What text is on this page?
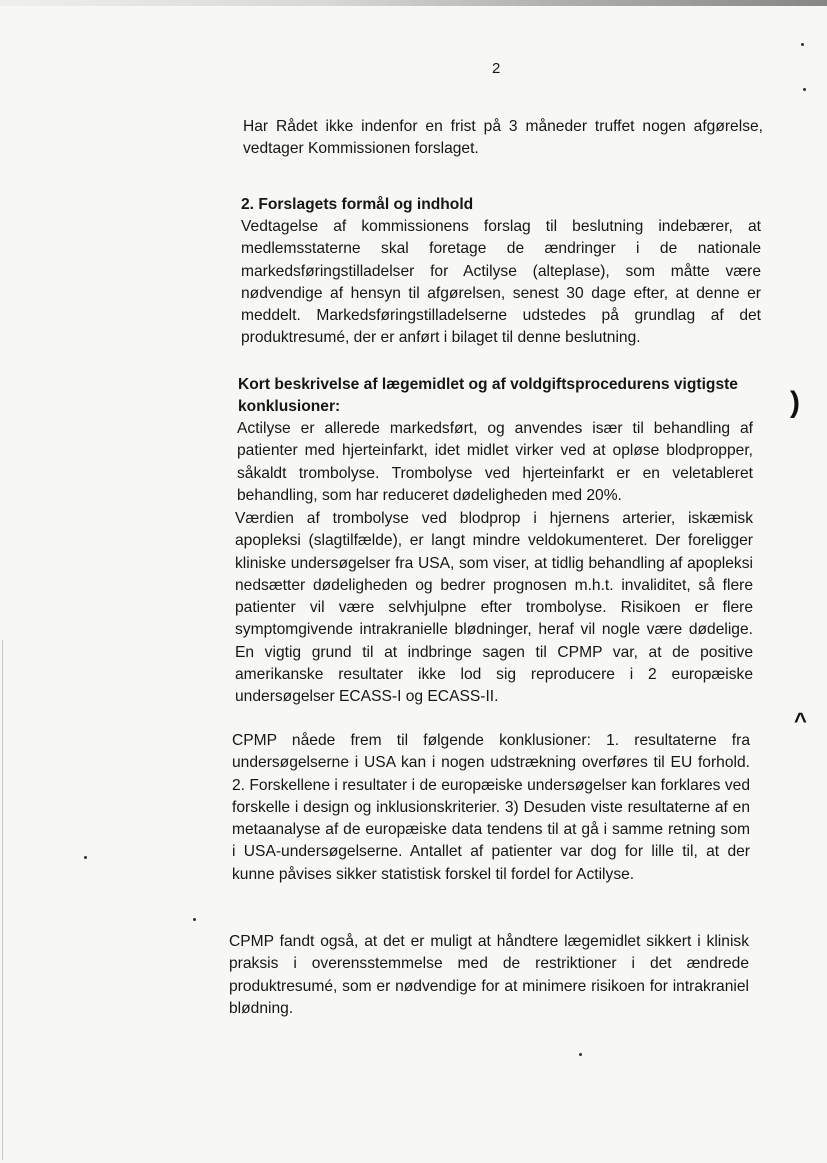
2

Har Rådet ikke indenfor en frist på 3 måneder truffet nogen afgørelse, vedtager Kommissionen forslaget.

2. Forslagets formål og indhold

Vedtagelse af kommissionens forslag til beslutning indebærer, at medlemsstaterne skal foretage de ændringer i de nationale markedsføringstilladelser for Actilyse (alteplase), som måtte være nødvendige af hensyn til afgørelsen, senest 30 dage efter, at denne er meddelt. Markedsføringstilladelserne udstedes på grundlag af det produktresumé, der er anført i bilaget til denne beslutning.

Kort beskrivelse af lægemidlet og af voldgiftsprocedurens vigtigste konklusioner:

Actilyse er allerede markedsført, og anvendes især til behandling af patienter med hjerteinfarkt, idet midlet virker ved at opløse blodpropper, såkaldt trombolyse. Trombolyse ved hjerteinfarkt er en veletableret behandling, som har reduceret dødeligheden med 20%.

Værdien af trombolyse ved blodprop i hjernens arterier, iskæmisk apopleksi (slagtilfælde), er langt mindre veldokumenteret. Der foreligger kliniske undersøgelser fra USA, som viser, at tidlig behandling af apopleksi nedsætter dødeligheden og bedrer prognosen m.h.t. invaliditet, så flere patienter vil være selvhjulpne efter trombolyse. Risikoen er flere symptomgivende intrakranielle blødninger, heraf vil nogle være dødelige. En vigtig grund til at indbringe sagen til CPMP var, at de positive amerikanske resultater ikke lod sig reproducere i 2 europæiske undersøgelser ECASS-I og ECASS-II.

CPMP nåede frem til følgende konklusioner: 1. resultaterne fra undersøgelserne i USA kan i nogen udstrækning overføres til EU forhold. 2. Forskellene i resultater i de europæiske undersøgelser kan forklares ved forskelle i design og inklusionskriterier. 3) Desuden viste resultaterne af en metaanalyse af de europæiske data tendens til at gå i samme retning som i USA-undersøgelserne. Antallet af patienter var dog for lille til, at der kunne påvises sikker statistisk forskel til fordel for Actilyse.

CPMP fandt også, at det er muligt at håndtere lægemidlet sikkert i klinisk praksis i overensstemmelse med de restriktioner i det ændrede produktresumé, som er nødvendige for at minimere risikoen for intrakraniel blødning.

)
^
